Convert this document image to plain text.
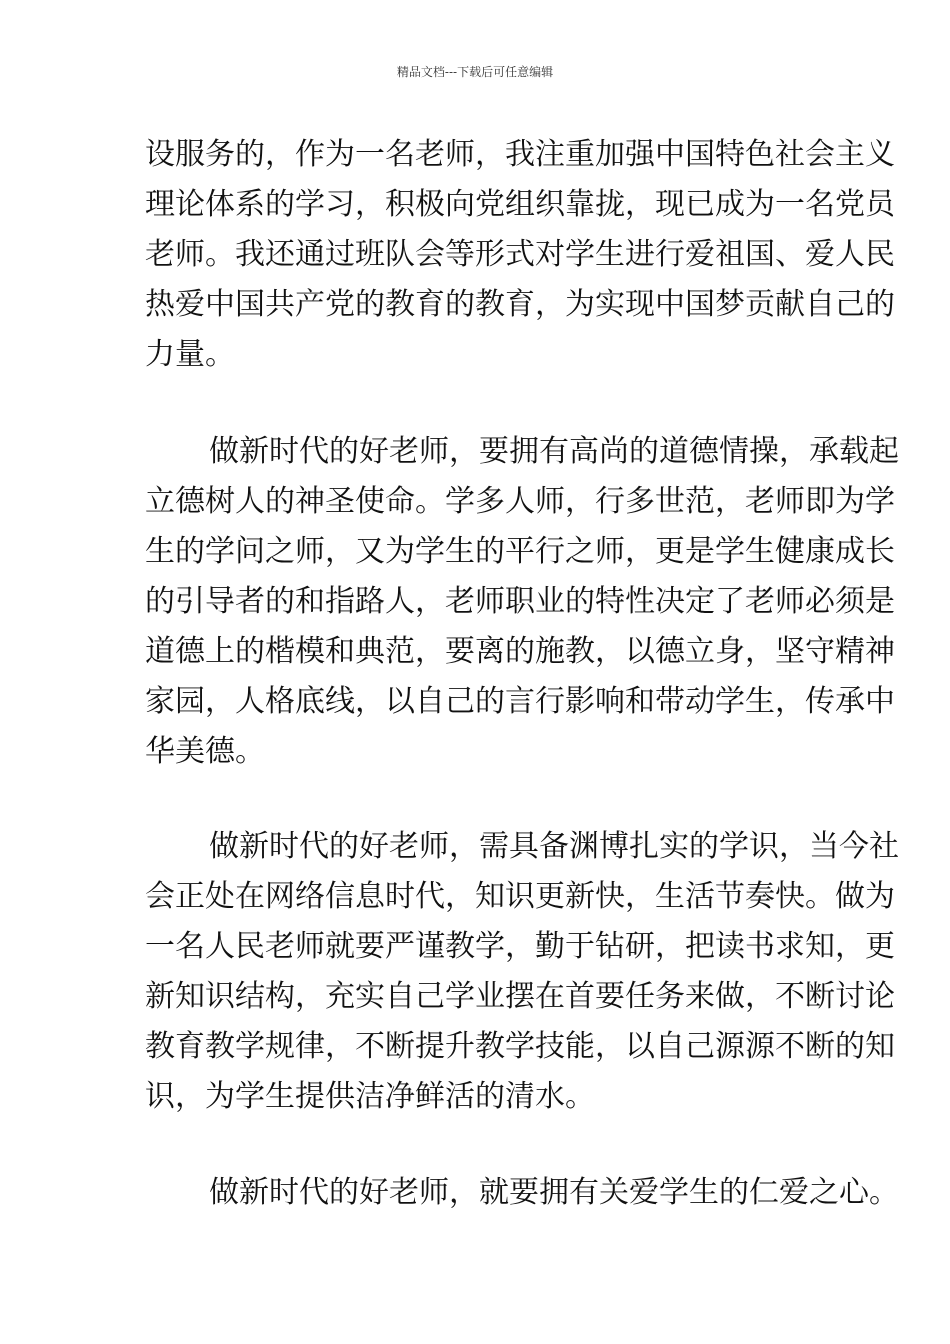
精品文档---下载后可任意编辑
设服务的，作为一名老师，我注重加强中国特色社会主义
理论体系的学习，积极向党组织靠拢，现已成为一名党员
老师。我还通过班队会等形式对学生进行爱祖国、爱人民
热爱中国共产党的教育的教育，为实现中国梦贡献自己的
力量。
做新时代的好老师，要拥有高尚的道德情操，承载起
立德树人的神圣使命。学多人师，行多世范，老师即为学
生的学问之师，又为学生的平行之师，更是学生健康成长
的引导者的和指路人，老师职业的特性决定了老师必须是
道德上的楷模和典范，要离的施教，以德立身，坚守精神
家园，人格底线，以自己的言行影响和带动学生，传承中
华美德。
做新时代的好老师，需具备渊博扎实的学识，当今社
会正处在网络信息时代，知识更新快，生活节奏快。做为
一名人民老师就要严谨教学，勤于钻研，把读书求知，更
新知识结构，充实自己学业摆在首要任务来做，不断讨论
教育教学规律，不断提升教学技能，以自己源源不断的知
识，为学生提供洁净鲜活的清水。
做新时代的好老师，就要拥有关爱学生的仁爱之心。
